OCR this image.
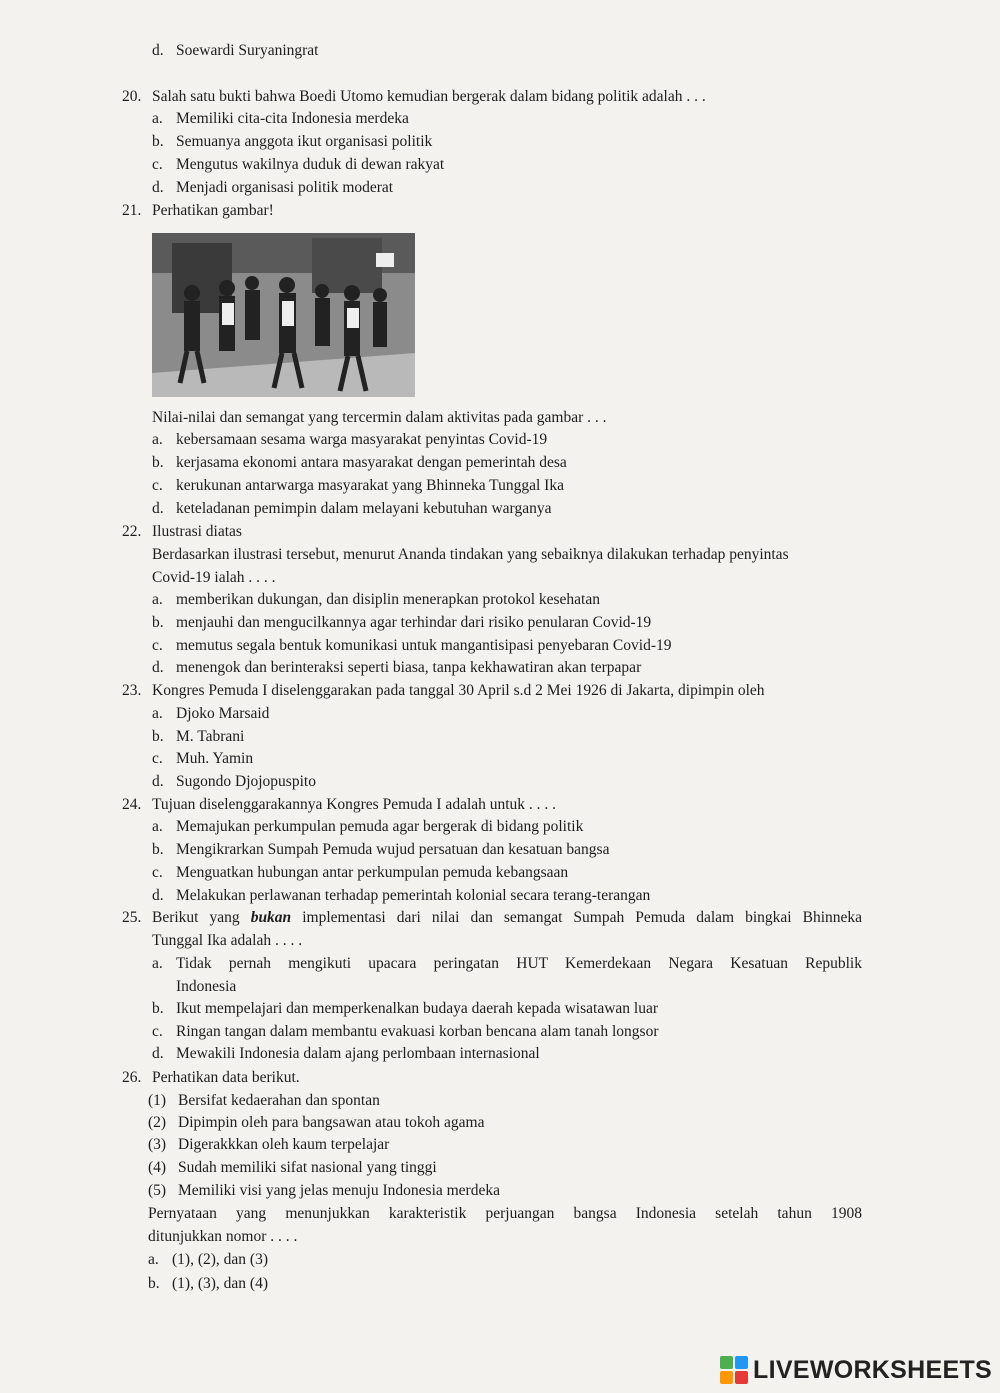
d. Soewardi Suryaningrat
20. Salah satu bukti bahwa Boedi Utomo kemudian bergerak dalam bidang politik adalah . . .
a. Memiliki cita-cita Indonesia merdeka
b. Semuanya anggota ikut organisasi politik
c. Mengutus wakilnya duduk di dewan rakyat
d. Menjadi organisasi politik moderat
21. Perhatikan gambar!
Nilai-nilai dan semangat yang tercermin dalam aktivitas pada gambar . . .
a. kebersamaan sesama warga masyarakat penyintas Covid-19
b. kerjasama ekonomi antara masyarakat dengan pemerintah desa
c. kerukunan antarwarga masyarakat yang Bhinneka Tunggal Ika
d. keteladanan pemimpin dalam melayani kebutuhan warganya
22. Ilustrasi diatas
Berdasarkan ilustrasi tersebut, menurut Ananda tindakan yang sebaiknya dilakukan terhadap penyintas
Covid-19 ialah . . . .
a. memberikan dukungan, dan disiplin menerapkan protokol kesehatan
b. menjauhi dan mengucilkannya agar terhindar dari risiko penularan Covid-19
c. memutus segala bentuk komunikasi untuk mangantisipasi penyebaran Covid-19
d. menengok dan berinteraksi seperti biasa, tanpa kekhawatiran akan terpapar
23. Kongres Pemuda I diselenggarakan pada tanggal 30 April s.d 2 Mei 1926 di Jakarta, dipimpin oleh
a. Djoko Marsaid
b. M. Tabrani
c. Muh. Yamin
d. Sugondo Djojopuspito
24. Tujuan diselenggarakannya Kongres Pemuda I adalah untuk . . . .
a. Memajukan perkumpulan pemuda agar bergerak di bidang politik
b. Mengikrarkan Sumpah Pemuda wujud persatuan dan kesatuan bangsa
c. Menguatkan hubungan antar perkumpulan pemuda kebangsaan
d. Melakukan perlawanan terhadap pemerintah kolonial secara terang-terangan
25. Berikut yang bukan implementasi dari nilai dan semangat Sumpah Pemuda dalam bingkai Bhinneka
Tunggal Ika adalah . . . .
a. Tidak pernah mengikuti upacara peringatan HUT Kemerdekaan Negara Kesatuan Republik
Indonesia
b. Ikut mempelajari dan memperkenalkan budaya daerah kepada wisatawan luar
c. Ringan tangan dalam membantu evakuasi korban bencana alam tanah longsor
d. Mewakili Indonesia dalam ajang perlombaan internasional
26. Perhatikan data berikut.
(1) Bersifat kedaerahan dan spontan
(2) Dipimpin oleh para bangsawan atau tokoh agama
(3) Digerakkkan oleh kaum terpelajar
(4) Sudah memiliki sifat nasional yang tinggi
(5) Memiliki visi yang jelas menuju Indonesia merdeka
Pernyataan yang menunjukkan karakteristik perjuangan bangsa Indonesia setelah tahun 1908
ditunjukkan nomor . . . .
a. (1), (2), dan (3)
b. (1), (3), dan (4)
LIVEWORKSHEETS
